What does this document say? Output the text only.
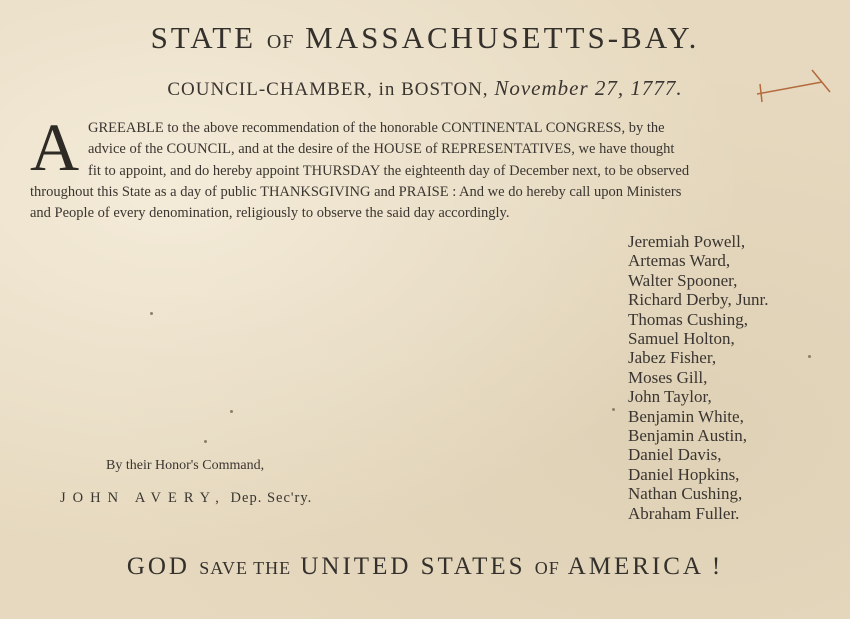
STATE OF MASSACHUSETTS-BAY.
COUNCIL-CHAMBER, in BOSTON, November 27, 1777.
A GREEABLE to the above recommendation of the honorable CONTINENTAL CONGRESS, by the
advice of the COUNCIL, and at the desire of the HOUSE of REPRESENTATIVES, we have thought
fit to appoint, and do hereby appoint THURSDAY the eighteenth day of December next, to be observed
throughout this State as a day of public THANKSGIVING and PRAISE : And we do hereby call upon Ministers
and People of every denomination, religiously to observe the said day accordingly.
Jeremiah Powell,
Artemas Ward,
Walter Spooner,
Richard Derby, Junr.
Thomas Cushing,
Samuel Holton,
Jabez Fisher,
Moses Gill,
John Taylor,
Benjamin White,
Benjamin Austin,
Daniel Davis,
Daniel Hopkins,
Nathan Cushing,
Abraham Fuller.
By their Honor's Command,
JOHN AVERY, Dep. Sec'ry.
GOD SAVE THE UNITED STATES OF AMERICA !
